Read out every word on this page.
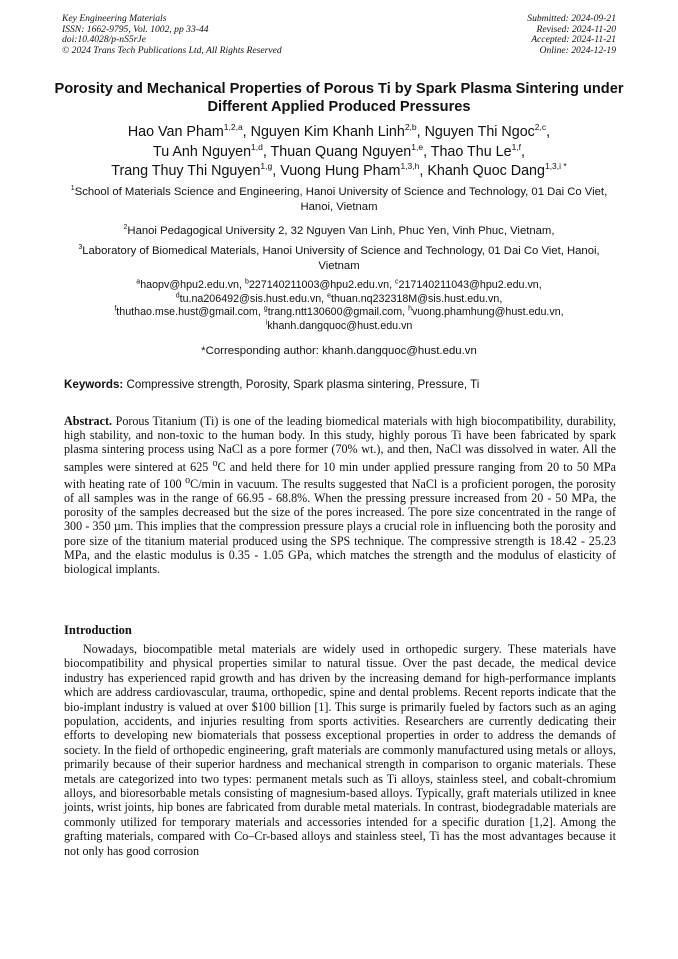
Key Engineering Materials
ISSN: 1662-9795, Vol. 1002, pp 33-44
doi:10.4028/p-nS5rJe
© 2024 Trans Tech Publications Ltd, All Rights Reserved
Submitted: 2024-09-21
Revised: 2024-11-20
Accepted: 2024-11-21
Online: 2024-12-19
Porosity and Mechanical Properties of Porous Ti by Spark Plasma Sintering under Different Applied Produced Pressures
Hao Van Pham$^{1,2,a}$, Nguyen Kim Khanh Linh$^{2,b}$, Nguyen Thi Ngoc$^{2,c}$,
Tu Anh Nguyen$^{1,d}$, Thuan Quang Nguyen$^{1,e}$, Thao Thu Le$^{1,f}$,
Trang Thuy Thi Nguyen$^{1,g}$, Vuong Hung Pham$^{1,3,h}$, Khanh Quoc Dang$^{1,3,i *}$
$^1$School of Materials Science and Engineering, Hanoi University of Science and Technology, 01 Dai Co Viet, Hanoi, Vietnam
$^2$Hanoi Pedagogical University 2, 32 Nguyen Van Linh, Phuc Yen, Vinh Phuc, Vietnam,
$^3$Laboratory of Biomedical Materials, Hanoi University of Science and Technology, 01 Dai Co Viet, Hanoi, Vietnam
$^a$haopv@hpu2.edu.vn, $^b$227140211003@hpu2.edu.vn, $^c$217140211043@hpu2.edu.vn,
$^d$tu.na206492@sis.hust.edu.vn, $^e$thuan.nq232318M@sis.hust.edu.vn,
$^f$thuthao.mse.hust@gmail.com, $^g$trang.ntt130600@gmail.com, $^h$vuong.phamhung@hust.edu.vn,
$^i$khanh.dangquoc@hust.edu.vn
*Corresponding author: khanh.dangquoc@hust.edu.vn
Keywords: Compressive strength, Porosity, Spark plasma sintering, Pressure, Ti
Abstract. Porous Titanium (Ti) is one of the leading biomedical materials with high biocompatibility, durability, high stability, and non-toxic to the human body. In this study, highly porous Ti have been fabricated by spark plasma sintering process using NaCl as a pore former (70% wt.), and then, NaCl was dissolved in water. All the samples were sintered at 625 $^o$C and held there for 10 min under applied pressure ranging from 20 to 50 MPa with heating rate of 100 $^o$C/min in vacuum. The results suggested that NaCl is a proficient porogen, the porosity of all samples was in the range of 66.95 - 68.8%. When the pressing pressure increased from 20 - 50 MPa, the porosity of the samples decreased but the size of the pores increased. The pore size concentrated in the range of 300 - 350 µm. This implies that the compression pressure plays a crucial role in influencing both the porosity and pore size of the titanium material produced using the SPS technique. The compressive strength is 18.42 - 25.23 MPa, and the elastic modulus is 0.35 - 1.05 GPa, which matches the strength and the modulus of elasticity of biological implants.
Introduction
Nowadays, biocompatible metal materials are widely used in orthopedic surgery. These materials have biocompatibility and physical properties similar to natural tissue. Over the past decade, the medical device industry has experienced rapid growth and has driven by the increasing demand for high-performance implants which are address cardiovascular, trauma, orthopedic, spine and dental problems. Recent reports indicate that the bio-implant industry is valued at over $100 billion [1]. This surge is primarily fueled by factors such as an aging population, accidents, and injuries resulting from sports activities. Researchers are currently dedicating their efforts to developing new biomaterials that possess exceptional properties in order to address the demands of society. In the field of orthopedic engineering, graft materials are commonly manufactured using metals or alloys, primarily because of their superior hardness and mechanical strength in comparison to organic materials. These metals are categorized into two types: permanent metals such as Ti alloys, stainless steel, and cobalt-chromium alloys, and bioresorbable metals consisting of magnesium-based alloys. Typically, graft materials utilized in knee joints, wrist joints, hip bones are fabricated from durable metal materials. In contrast, biodegradable materials are commonly utilized for temporary materials and accessories intended for a specific duration [1,2]. Among the grafting materials, compared with Co–Cr-based alloys and stainless steel, Ti has the most advantages because it not only has good corrosion
